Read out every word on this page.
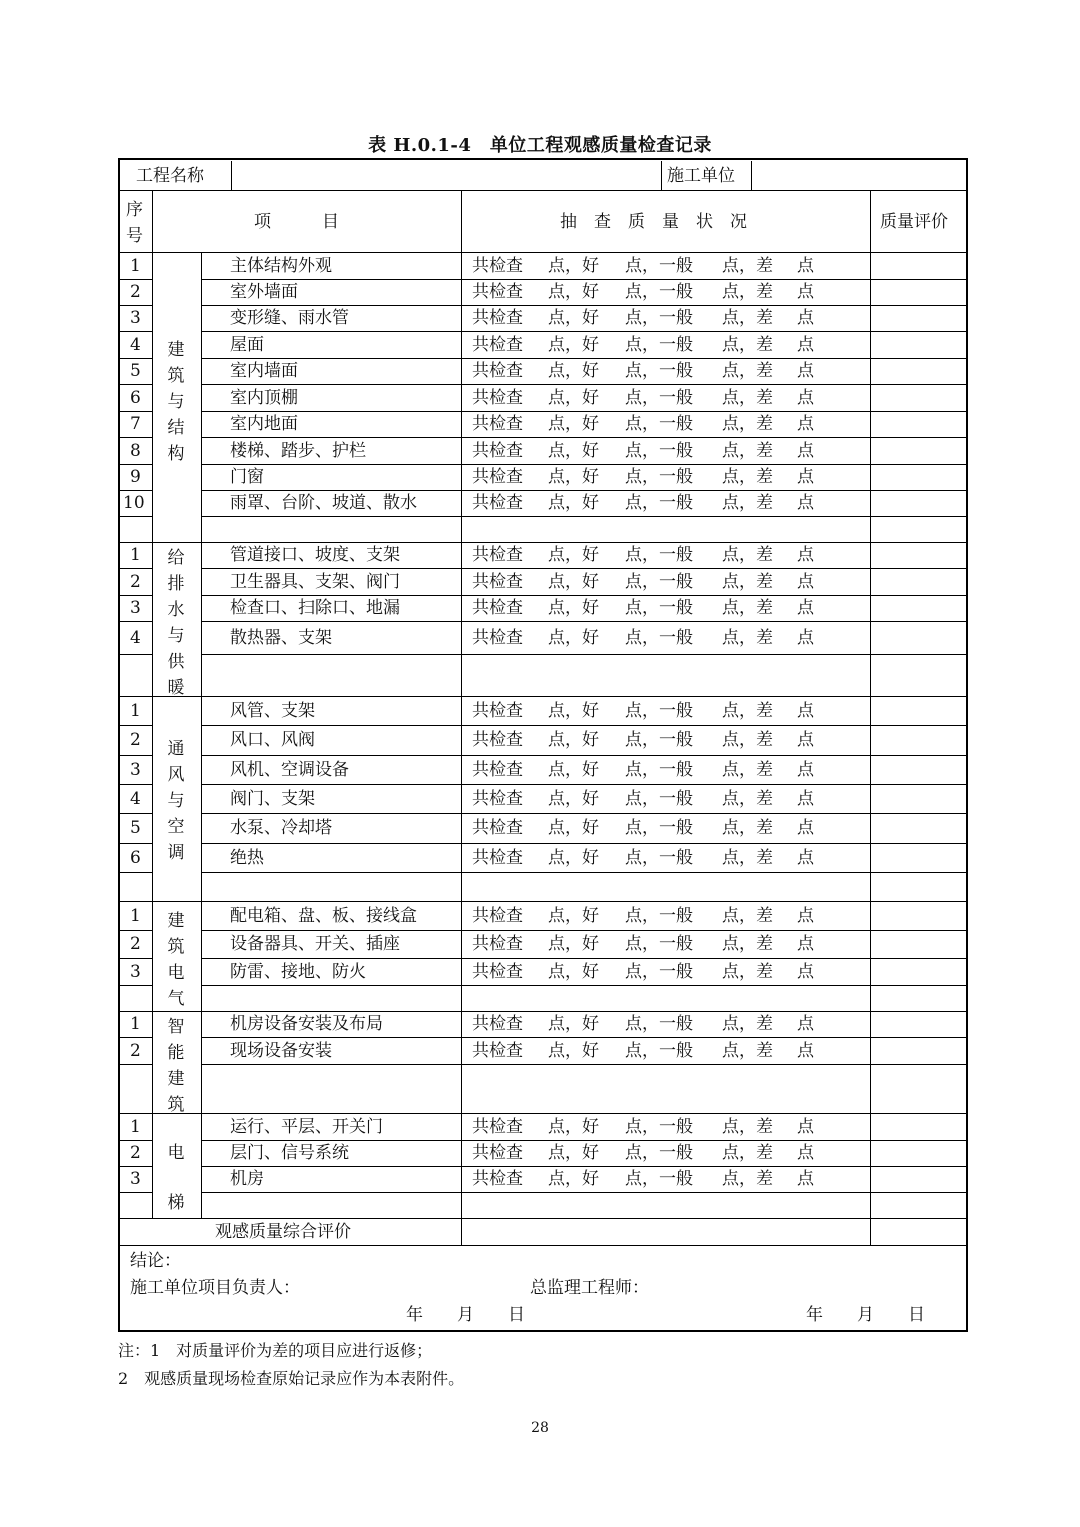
表 H.0.1-4　单位工程观感质量检查记录
工程名称	施工单位
序号
项　　　目	抽　查　质　量　状　况	质量评价
1	主体结构外观	共检查 点，好 点，一般 点，差 点
2	室外墙面	共检查 点，好 点，一般 点，差 点
3	变形缝、雨水管	共检查 点，好 点，一般 点，差 点
4	屋面	共检查 点，好 点，一般 点，差 点
5	室内墙面	共检查 点，好 点，一般 点，差 点
6	室内顶棚	共检查 点，好 点，一般 点，差 点
7	室内地面	共检查 点，好 点，一般 点，差 点
8	楼梯、踏步、护栏	共检查 点，好 点，一般 点，差 点
9	门窗	共检查 点，好 点，一般 点，差 点
10	雨罩、台阶、坡道、散水	共检查 点，好 点，一般 点，差 点
建筑与结构
1	管道接口、坡度、支架	共检查 点，好 点，一般 点，差 点
2	卫生器具、支架、阀门	共检查 点，好 点，一般 点，差 点
3	检查口、扫除口、地漏	共检查 点，好 点，一般 点，差 点
4	散热器、支架	共检查 点，好 点，一般 点，差 点
给排水与供暖
1	风管、支架	共检查 点，好 点，一般 点，差 点
2	风口、风阀	共检查 点，好 点，一般 点，差 点
3	风机、空调设备	共检查 点，好 点，一般 点，差 点
4	阀门、支架	共检查 点，好 点，一般 点，差 点
5	水泵、冷却塔	共检查 点，好 点，一般 点，差 点
6	绝热	共检查 点，好 点，一般 点，差 点
通风与空调
1	配电箱、盘、板、接线盒	共检查 点，好 点，一般 点，差 点
2	设备器具、开关、插座	共检查 点，好 点，一般 点，差 点
3	防雷、接地、防火	共检查 点，好 点，一般 点，差 点
建筑电气
1	机房设备安装及布局	共检查 点，好 点，一般 点，差 点
2	现场设备安装	共检查 点，好 点，一般 点，差 点
智能建筑
1	运行、平层、开关门	共检查 点，好 点，一般 点，差 点
2	层门、信号系统	共检查 点，好 点，一般 点，差 点
3	机房	共检查 点，好 点，一般 点，差 点
电梯
观感质量综合评价
结论：
施工单位项目负责人：	总监理工程师：
年　　月　　日	年　　月　　日
注：1　对质量评价为差的项目应进行返修；
2　观感质量现场检查原始记录应作为本表附件。
28
